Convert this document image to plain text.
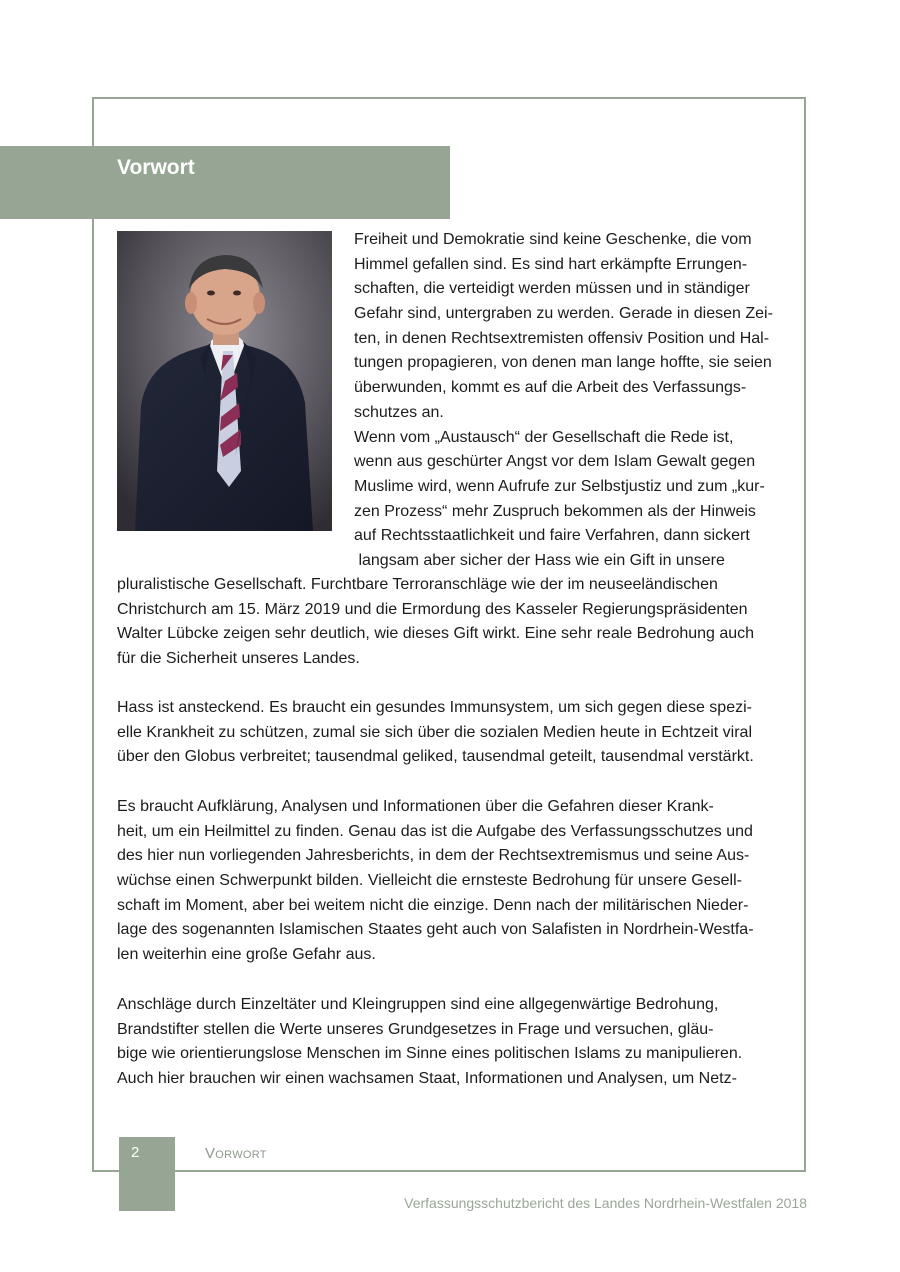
Vorwort
Freiheit und Demokratie sind keine Geschenke, die vom
Himmel gefallen sind. Es sind hart erkämpfte Errungen-
schaften, die verteidigt werden müssen und in ständiger
Gefahr sind, untergraben zu werden. Gerade in diesen Zei-
ten, in denen Rechtsextremisten offensiv Position und Hal-
tungen propagieren, von denen man lange hoffte, sie seien
überwunden, kommt es auf die Arbeit des Verfassungs-
schutzes an.
Wenn vom „Austausch“ der Gesellschaft die Rede ist,
wenn aus geschürter Angst vor dem Islam Gewalt gegen
Muslime wird, wenn Aufrufe zur Selbstjustiz und zum „kur-
zen Prozess“ mehr Zuspruch bekommen als der Hinweis
auf Rechtsstaatlichkeit und faire Verfahren, dann sickert
langsam aber sicher der Hass wie ein Gift in unsere
pluralistische Gesellschaft. Furchtbare Terroranschläge wie der im neuseeländischen
Christchurch am 15. März 2019 und die Ermordung des Kasseler Regierungspräsidenten
Walter Lübcke zeigen sehr deutlich, wie dieses Gift wirkt. Eine sehr reale Bedrohung auch
für die Sicherheit unseres Landes.
Hass ist ansteckend. Es braucht ein gesundes Immunsystem, um sich gegen diese spezi-
elle Krankheit zu schützen, zumal sie sich über die sozialen Medien heute in Echtzeit viral
über den Globus verbreitet; tausendmal geliked, tausendmal geteilt, tausendmal verstärkt.
Es braucht Aufklärung, Analysen und Informationen über die Gefahren dieser Krank-
heit, um ein Heilmittel zu finden. Genau das ist die Aufgabe des Verfassungsschutzes und
des hier nun vorliegenden Jahresberichts, in dem der Rechtsextremismus und seine Aus-
wüchse einen Schwerpunkt bilden. Vielleicht die ernsteste Bedrohung für unsere Gesell-
schaft im Moment, aber bei weitem nicht die einzige. Denn nach der militärischen Nieder-
lage des sogenannten Islamischen Staates geht auch von Salafisten in Nordrhein-Westfa-
len weiterhin eine große Gefahr aus.
Anschläge durch Einzeltäter und Kleingruppen sind eine allgegenwärtige Bedrohung,
Brandstifter stellen die Werte unseres Grundgesetzes in Frage und versuchen, gläu-
bige wie orientierungslose Menschen im Sinne eines politischen Islams zu manipulieren.
Auch hier brauchen wir einen wachsamen Staat, Informationen und Analysen, um Netz-
2	Vorwort
Verfassungsschutzbericht des Landes Nordrhein-Westfalen 2018
